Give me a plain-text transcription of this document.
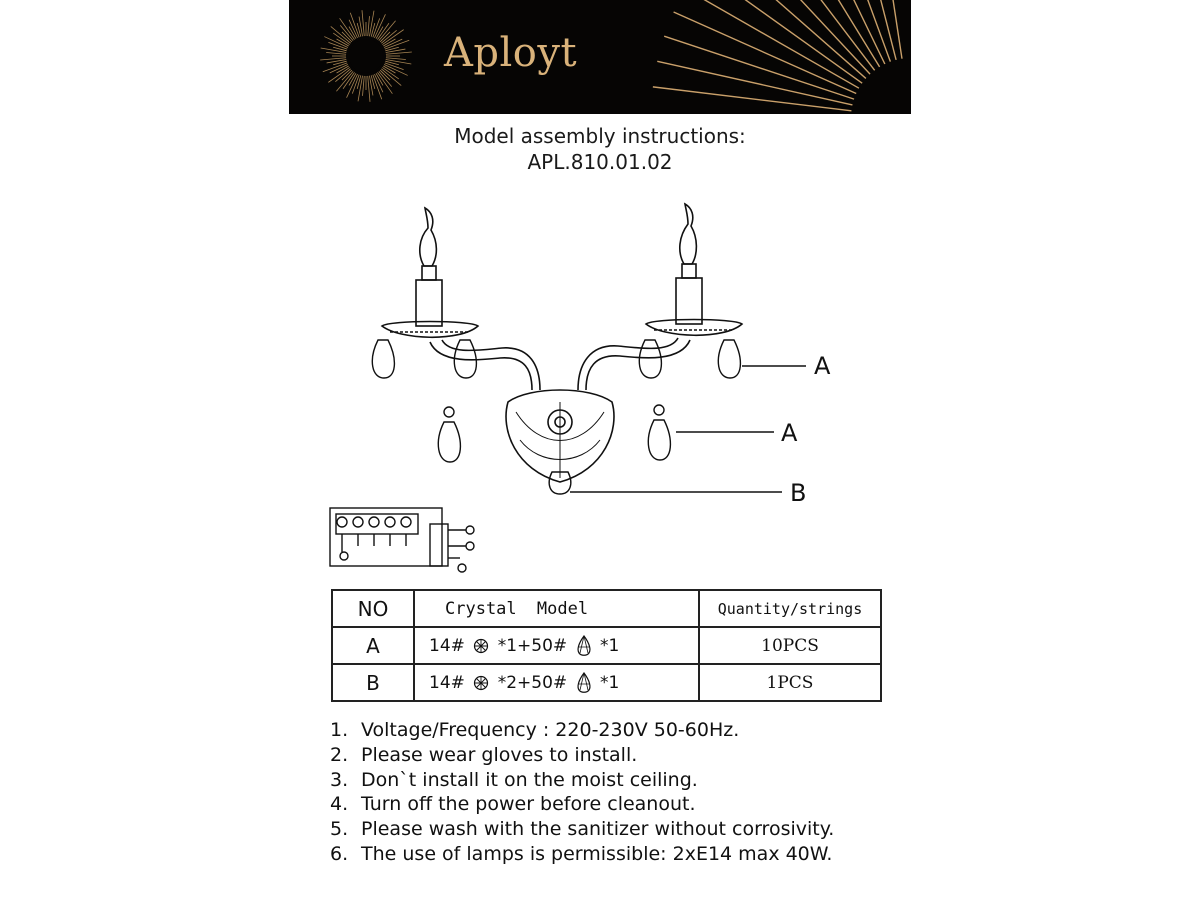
Aployt
Model assembly instructions:
APL.810.01.02
A
A
B
NO	Crystal Model	Quantity/strings
A	14# *1+50# *1	10PCS
B	14# *2+50# *1	1PCS
1. Voltage/Frequency : 220-230V 50-60Hz.
2. Please wear gloves to install.
3. Don`t install it on the moist ceiling.
4. Turn off the power before cleanout.
5. Please wash with the sanitizer without corrosivity.
6. The use of lamps is permissible: 2xE14 max 40W.
